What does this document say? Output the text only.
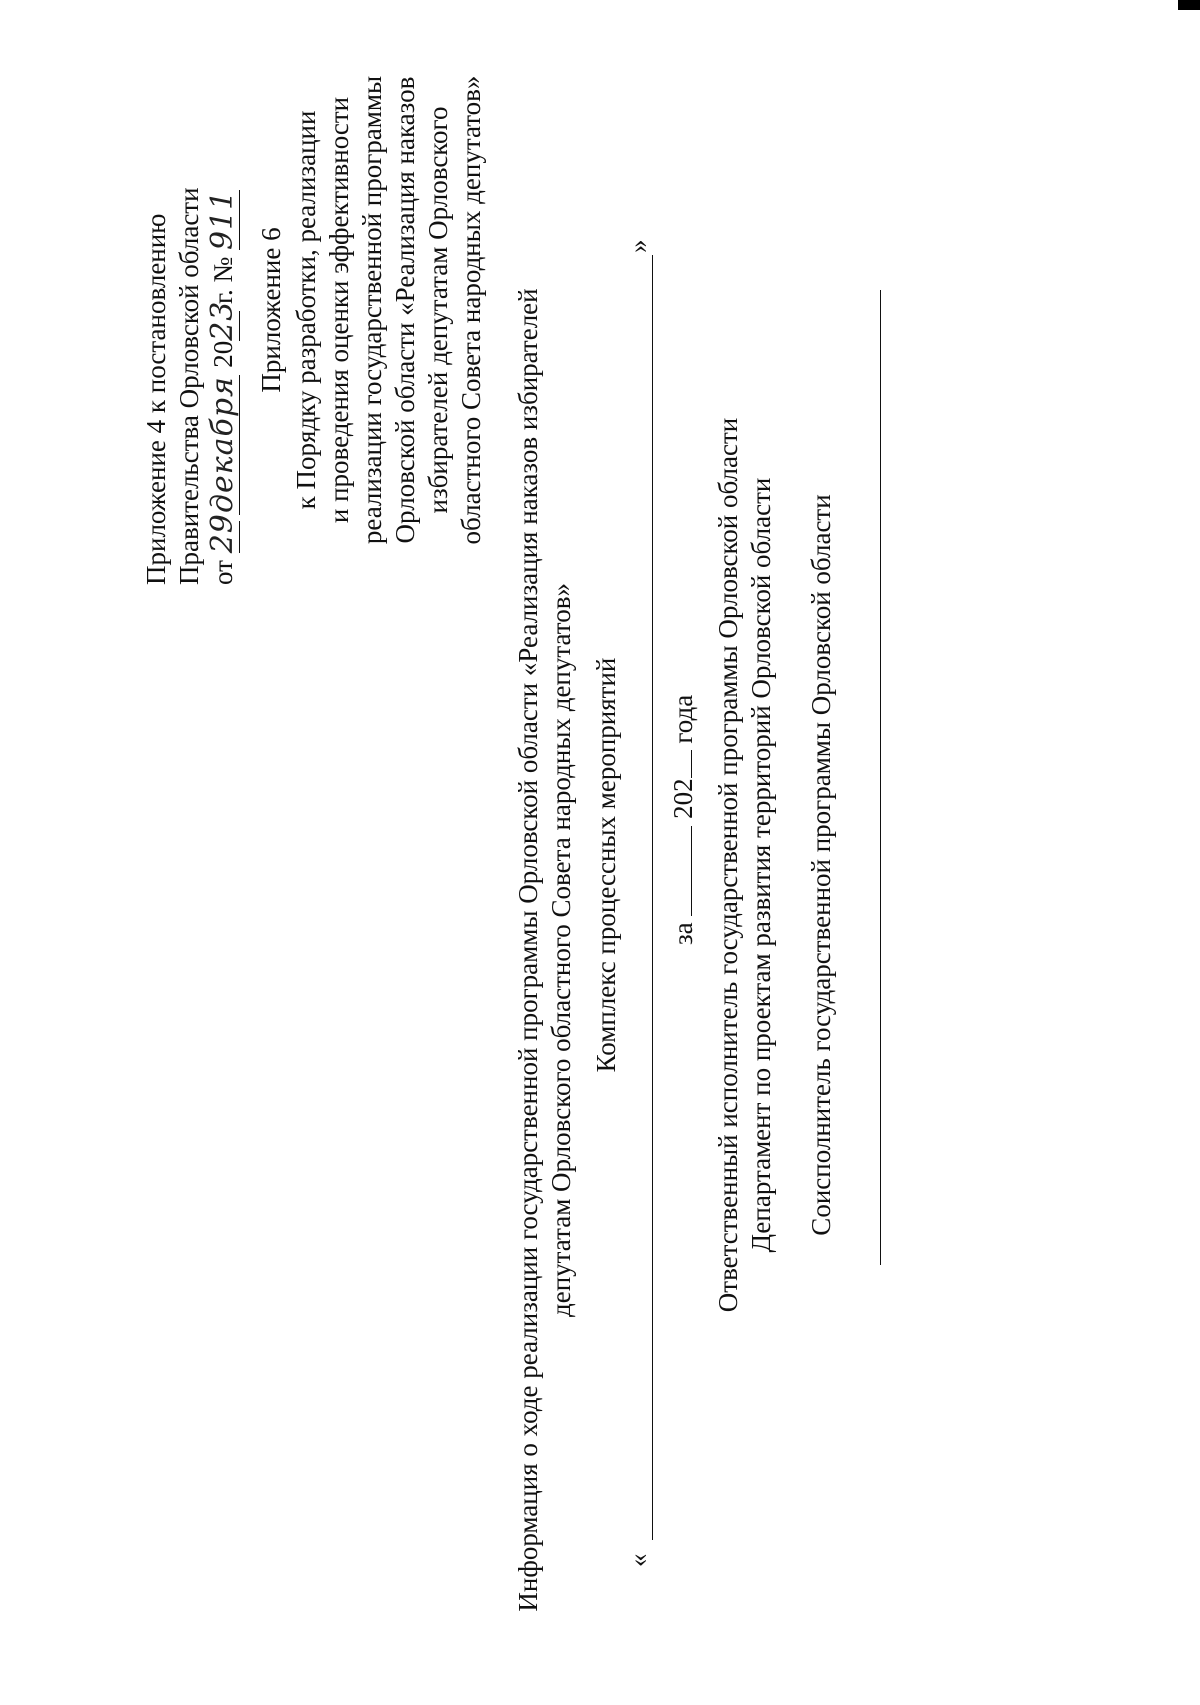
Приложение 4 к постановлению Правительства Орловской области от 29 декабря 2023 г. № 911
Приложение 6 к Порядку разработки, реализации и проведения оценки эффективности реализации государственной программы Орловской области «Реализация наказов избирателей депутатам Орловского областного Совета народных депутатов» Информация о ходе реализации государственной программы Орловской области «Реализация наказов избирателей депутатам Орловского областного Совета народных депутатов» Комплекс процессных мероприятий
«
»
за  202 года Ответственный исполнитель государственной программы Орловской области Департамент по проектам развития территорий Орловской области Соисполнитель государственной программы Орловской области
